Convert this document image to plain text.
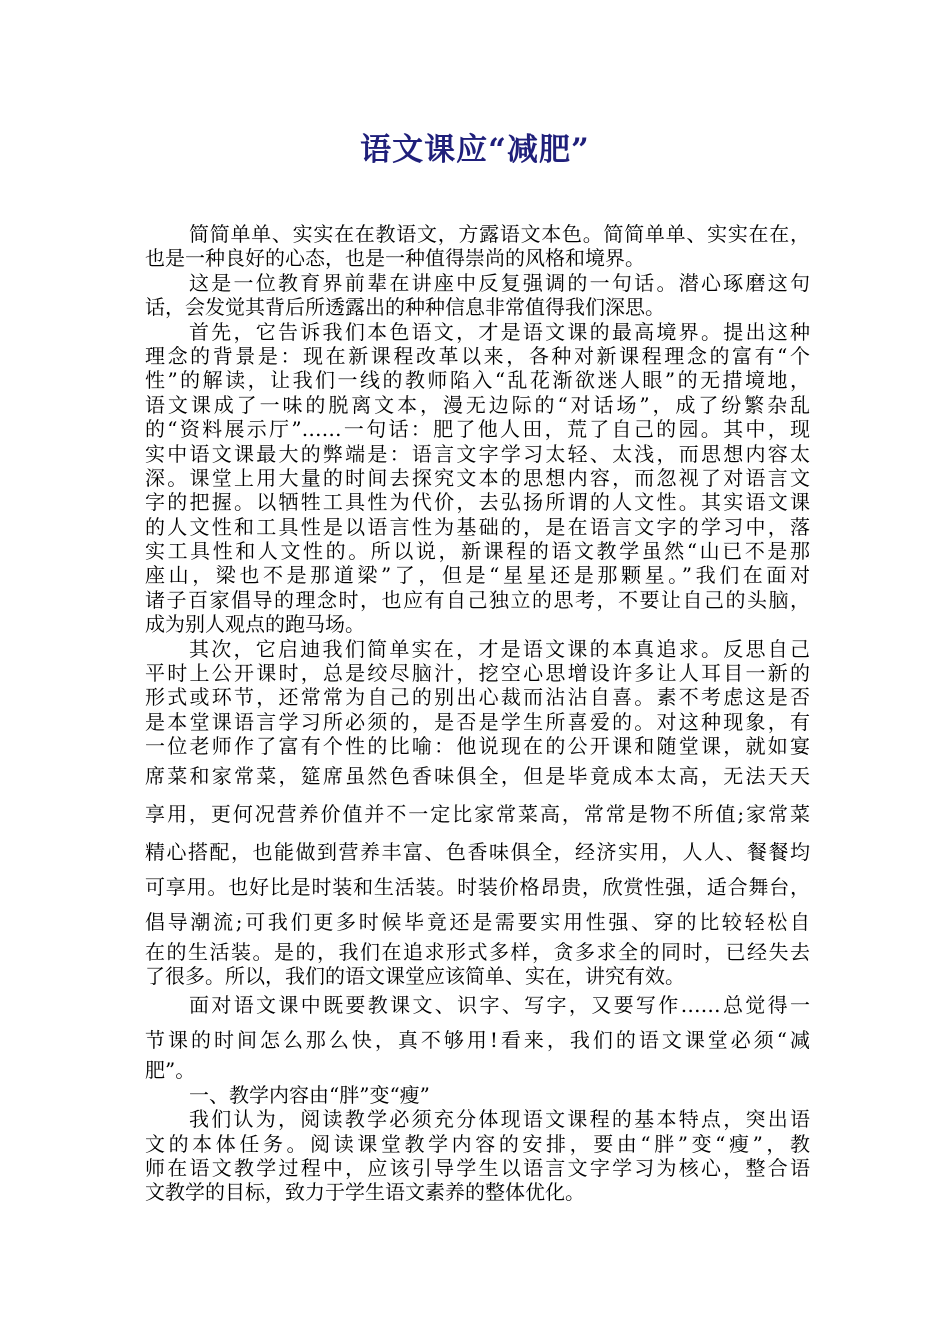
语文课应“减肥”
简简单单、实实在在教语文，方露语文本色。简简单单、实实在在，
也是一种良好的心态，也是一种值得崇尚的风格和境界。
这是一位教育界前辈在讲座中反复强调的一句话。潜心琢磨这句
话，会发觉其背后所透露出的种种信息非常值得我们深思。
首先，它告诉我们本色语文，才是语文课的最高境界。提出这种
理念的背景是：现在新课程改革以来，各种对新课程理念的富有“个
性”的解读，让我们一线的教师陷入“乱花渐欲迷人眼”的无措境地，
语文课成了一味的脱离文本，漫无边际的“对话场”，成了纷繁杂乱
的“资料展示厅”……一句话：肥了他人田，荒了自己的园。其中，现
实中语文课最大的弊端是：语言文字学习太轻、太浅，而思想内容太
深。课堂上用大量的时间去探究文本的思想内容，而忽视了对语言文
字的把握。以牺牲工具性为代价，去弘扬所谓的人文性。其实语文课
的人文性和工具性是以语言性为基础的，是在语言文字的学习中，落
实工具性和人文性的。所以说，新课程的语文教学虽然“山已不是那
座山，梁也不是那道梁”了，但是“星星还是那颗星。”我们在面对
诸子百家倡导的理念时，也应有自己独立的思考，不要让自己的头脑，
成为别人观点的跑马场。
其次，它启迪我们简单实在，才是语文课的本真追求。反思自己
平时上公开课时，总是绞尽脑汁，挖空心思增设许多让人耳目一新的
形式或环节，还常常为自己的别出心裁而沾沾自喜。素不考虑这是否
是本堂课语言学习所必须的，是否是学生所喜爱的。对这种现象，有
一位老师作了富有个性的比喻：他说现在的公开课和随堂课，就如宴
席菜和家常菜，筵席虽然色香味俱全，但是毕竟成本太高，无法天天
享用，更何况营养价值并不一定比家常菜高，常常是物不所值;家常菜
精心搭配，也能做到营养丰富、色香味俱全，经济实用，人人、餐餐均
可享用。也好比是时装和生活装。时装价格昂贵，欣赏性强，适合舞台，
倡导潮流;可我们更多时候毕竟还是需要实用性强、穿的比较轻松自
在的生活装。是的，我们在追求形式多样，贪多求全的同时，已经失去
了很多。所以，我们的语文课堂应该简单、实在，讲究有效。
面对语文课中既要教课文、识字、写字，又要写作……总觉得一
节课的时间怎么那么快，真不够用!看来，我们的语文课堂必须“减
肥”。
一、教学内容由“胖”变“瘦”
我们认为，阅读教学必须充分体现语文课程的基本特点，突出语
文的本体任务。阅读课堂教学内容的安排，要由“胖”变“瘦”，教
师在语文教学过程中，应该引导学生以语言文字学习为核心，整合语
文教学的目标，致力于学生语文素养的整体优化。
